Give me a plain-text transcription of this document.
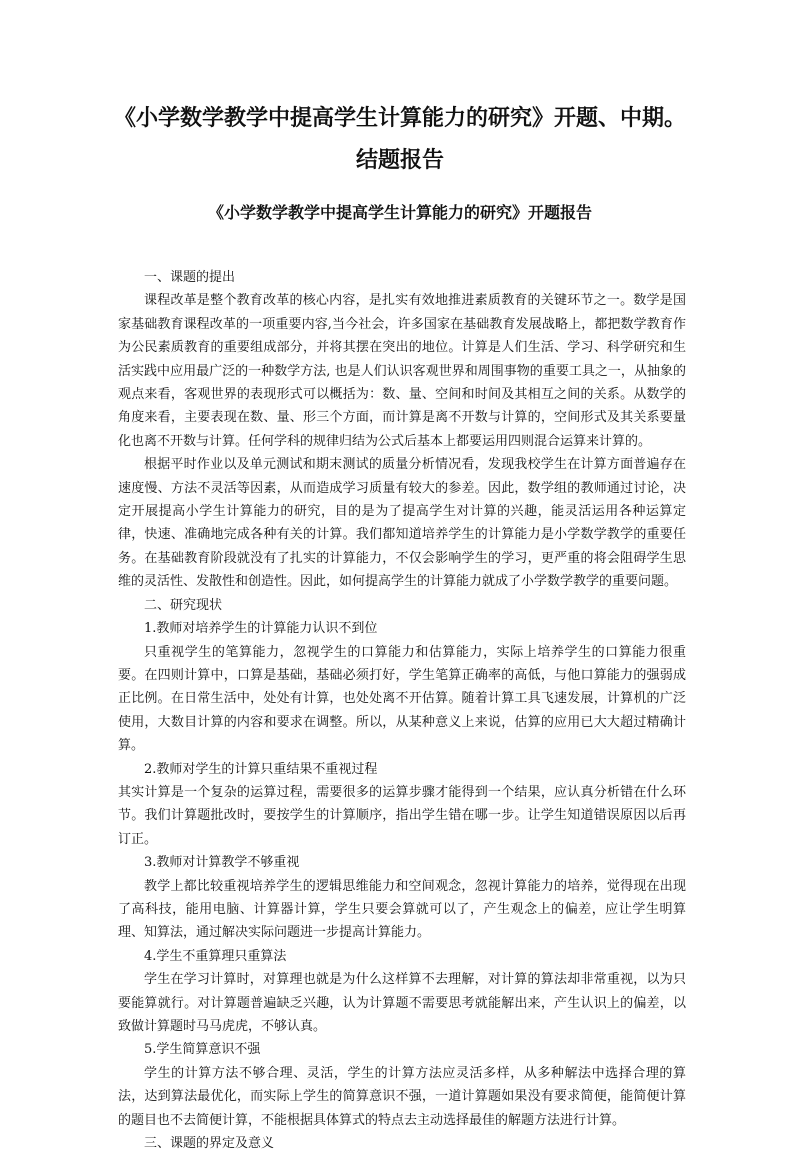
《小学数学教学中提高学生计算能力的研究》开题、中期。
结题报告
《小学数学教学中提高学生计算能力的研究》开题报告

一、课题的提出

课程改革是整个教育改革的核心内容，是扎实有效地推进素质教育的关键环节之一。数学是国家基础教育课程改革的一项重要内容,当今社会，许多国家在基础教育发展战略上，都把数学教育作为公民素质教育的重要组成部分，并将其摆在突出的地位。计算是人们生活、学习、科学研究和生活实践中应用最广泛的一种数学方法, 也是人们认识客观世界和周围事物的重要工具之一，从抽象的观点来看，客观世界的表现形式可以概括为：数、量、空间和时间及其相互之间的关系。从数学的角度来看，主要表现在数、量、形三个方面，而计算是离不开数与计算的，空间形式及其关系要量化也离不开数与计算。任何学科的规律归结为公式后基本上都要运用四则混合运算来计算的。

根据平时作业以及单元测试和期末测试的质量分析情况看，发现我校学生在计算方面普遍存在速度慢、方法不灵活等因素，从而造成学习质量有较大的参差。因此，数学组的教师通过讨论，决定开展提高小学生计算能力的研究，目的是为了提高学生对计算的兴趣，能灵活运用各种运算定律，快速、准确地完成各种有关的计算。我们都知道培养学生的计算能力是小学数学教学的重要任务。在基础教育阶段就没有了扎实的计算能力，不仅会影响学生的学习，更严重的将会阻碍学生思维的灵活性、发散性和创造性。因此，如何提高学生的计算能力就成了小学数学教学的重要问题。

二、研究现状

1.教师对培养学生的计算能力认识不到位

只重视学生的笔算能力，忽视学生的口算能力和估算能力，实际上培养学生的口算能力很重要。在四则计算中，口算是基础，基础必须打好，学生笔算正确率的高低，与他口算能力的强弱成正比例。在日常生活中，处处有计算，也处处离不开估算。随着计算工具飞速发展，计算机的广泛使用，大数目计算的内容和要求在调整。所以，从某种意义上来说，估算的应用已大大超过精确计算。

2.教师对学生的计算只重结果不重视过程

其实计算是一个复杂的运算过程，需要很多的运算步骤才能得到一个结果，应认真分析错在什么环节。我们计算题批改时，要按学生的计算顺序，指出学生错在哪一步。让学生知道错误原因以后再订正。

3.教师对计算教学不够重视

教学上都比较重视培养学生的逻辑思维能力和空间观念，忽视计算能力的培养，觉得现在出现了高科技，能用电脑、计算器计算，学生只要会算就可以了，产生观念上的偏差，应让学生明算理、知算法，通过解决实际问题进一步提高计算能力。

4.学生不重算理只重算法

学生在学习计算时，对算理也就是为什么这样算不去理解，对计算的算法却非常重视，以为只要能算就行。对计算题普遍缺乏兴趣，认为计算题不需要思考就能解出来，产生认识上的偏差，以致做计算题时马马虎虎，不够认真。

5.学生简算意识不强

学生的计算方法不够合理、灵活，学生的计算方法应灵活多样，从多种解法中选择合理的算法，达到算法最优化，而实际上学生的简算意识不强，一道计算题如果没有要求简便，能简便计算的题目也不去简便计算，不能根据具体算式的特点去主动选择最佳的解题方法进行计算。

三、课题的界定及意义
